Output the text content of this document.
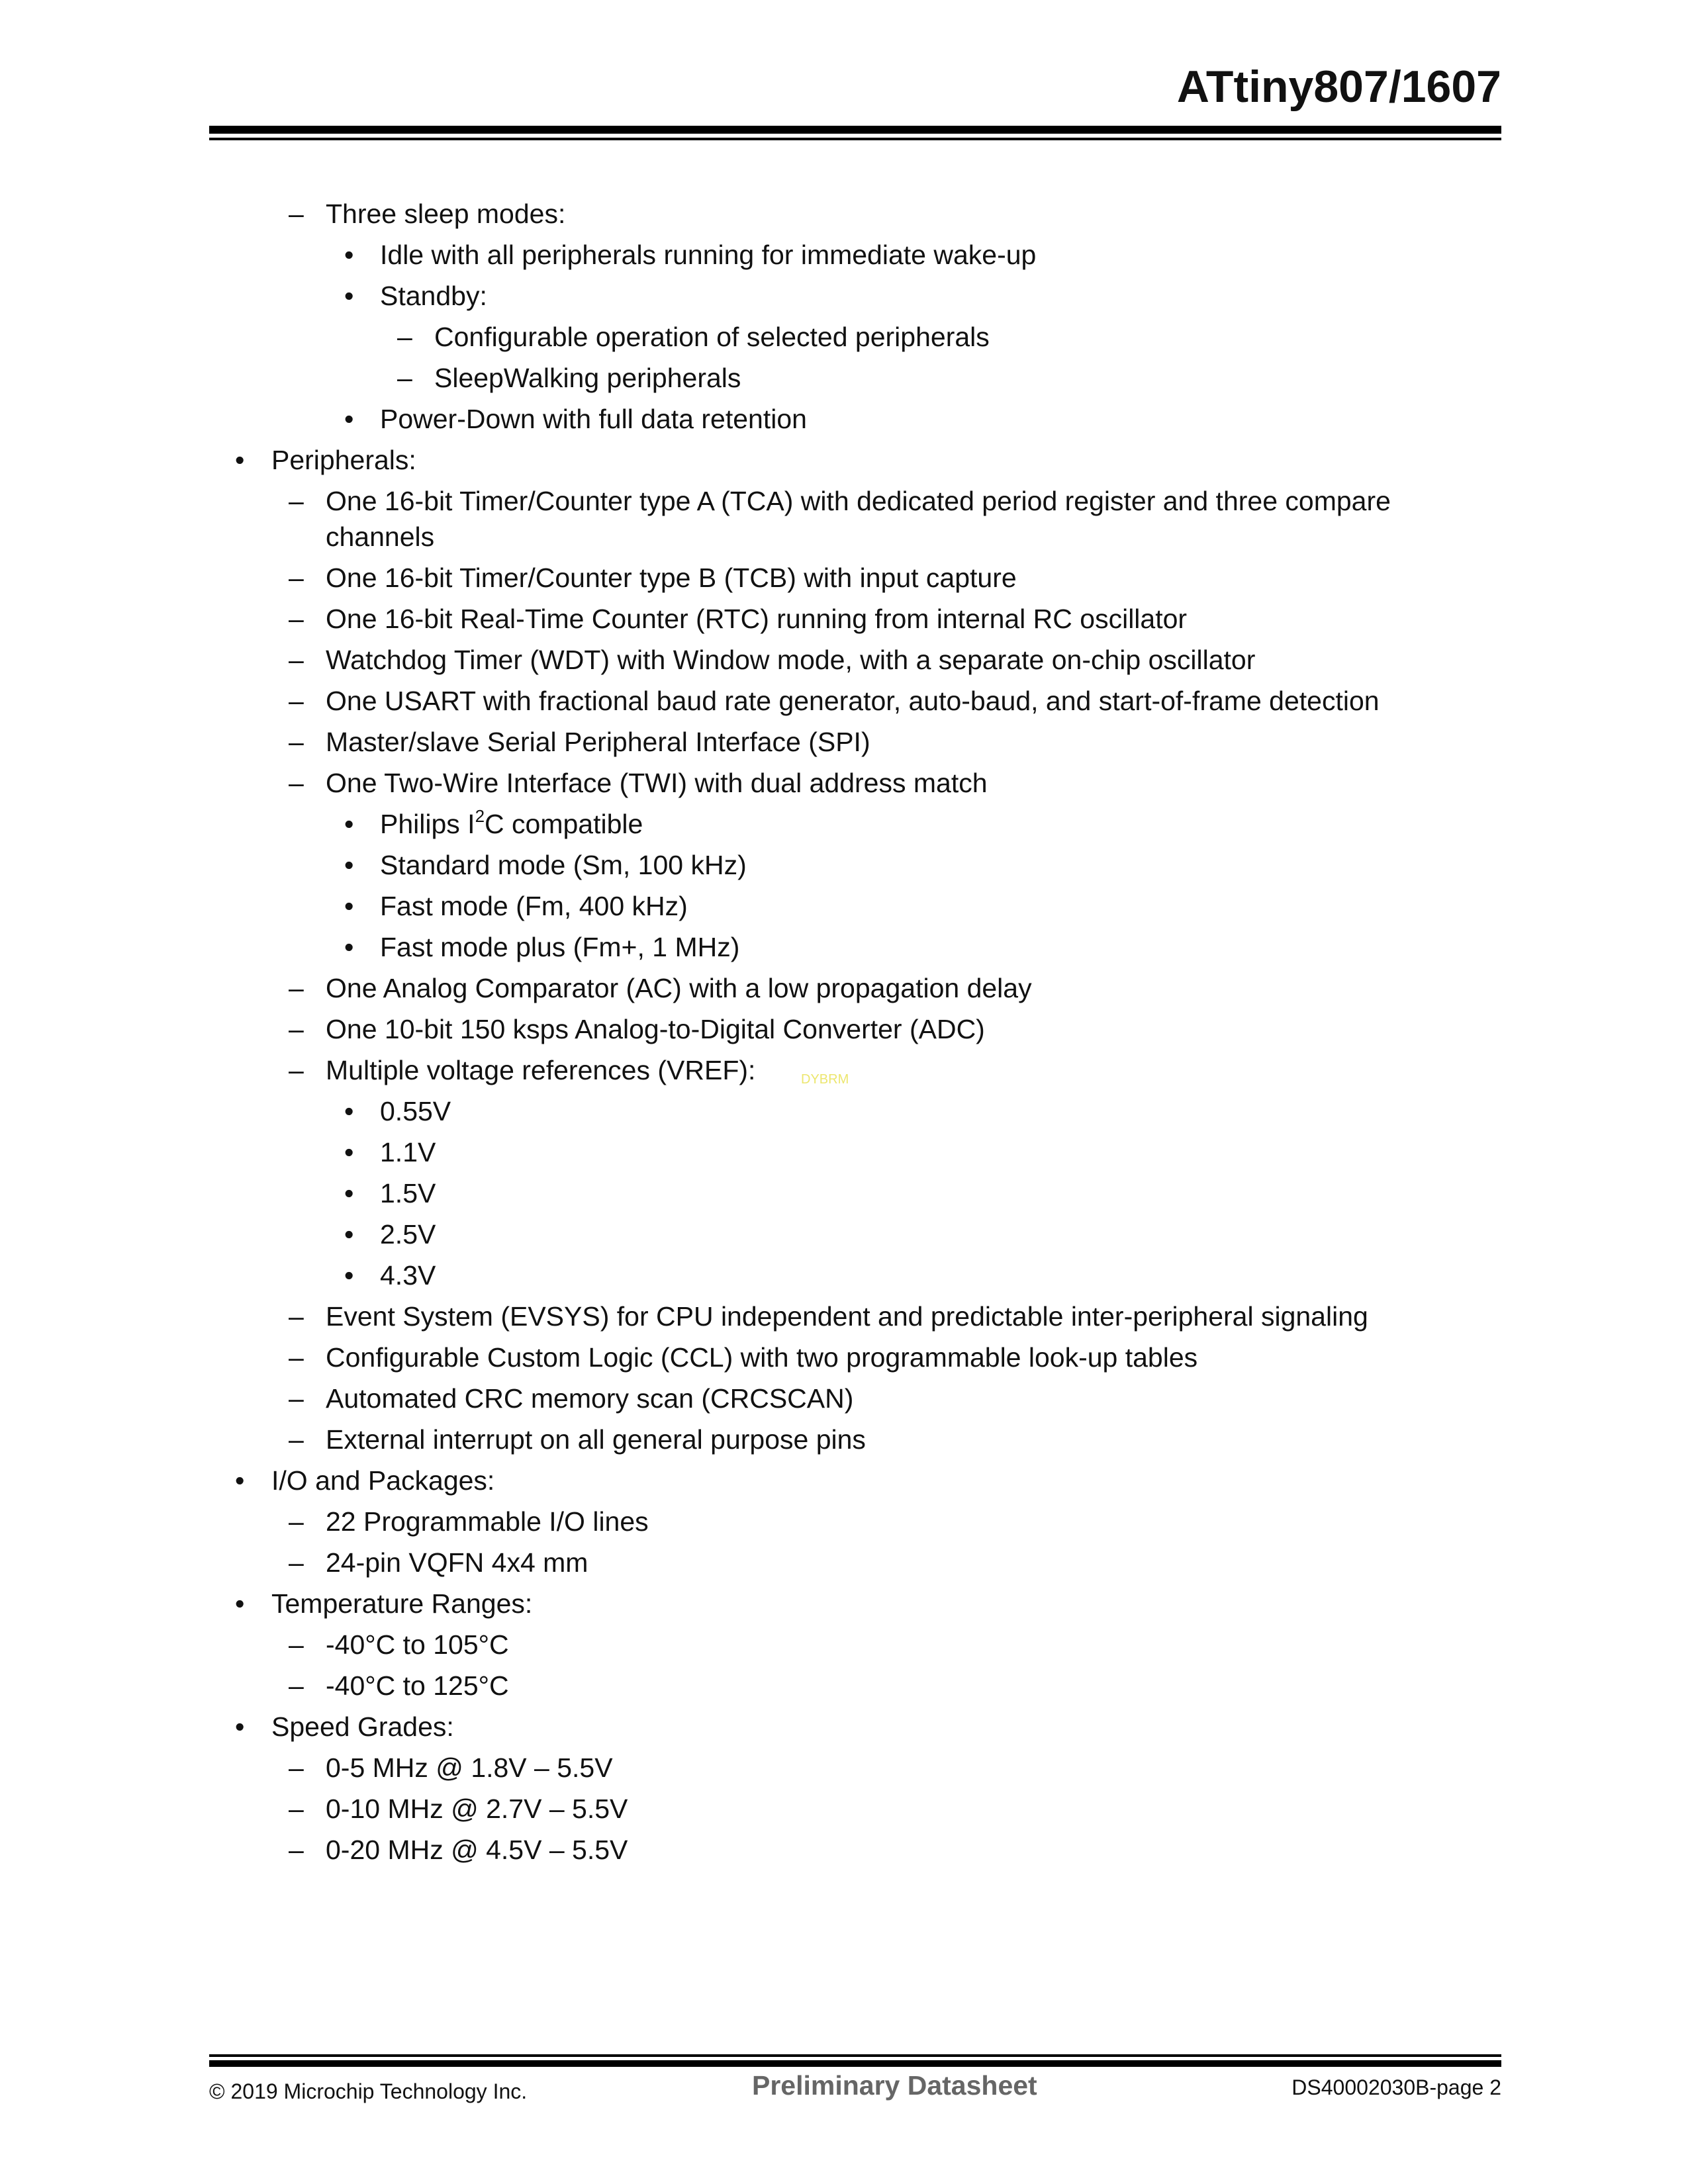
ATtiny807/1607
– Three sleep modes:
• Idle with all peripherals running for immediate wake-up
• Standby:
– Configurable operation of selected peripherals
– SleepWalking peripherals
• Power-Down with full data retention
• Peripherals:
– One 16-bit Timer/Counter type A (TCA) with dedicated period register and three compare channels
– One 16-bit Timer/Counter type B (TCB) with input capture
– One 16-bit Real-Time Counter (RTC) running from internal RC oscillator
– Watchdog Timer (WDT) with Window mode, with a separate on-chip oscillator
– One USART with fractional baud rate generator, auto-baud, and start-of-frame detection
– Master/slave Serial Peripheral Interface (SPI)
– One Two-Wire Interface (TWI) with dual address match
• Philips $I^2C$ compatible
• Standard mode (Sm, 100 kHz)
• Fast mode (Fm, 400 kHz)
• Fast mode plus (Fm+, 1 MHz)
– One Analog Comparator (AC) with a low propagation delay
– One 10-bit 150 ksps Analog-to-Digital Converter (ADC)
– Multiple voltage references (VREF):
• 0.55V
• 1.1V
• 1.5V
• 2.5V
• 4.3V
– Event System (EVSYS) for CPU independent and predictable inter-peripheral signaling
– Configurable Custom Logic (CCL) with two programmable look-up tables
– Automated CRC memory scan (CRCSCAN)
– External interrupt on all general purpose pins
• I/O and Packages:
– 22 Programmable I/O lines
– 24-pin VQFN 4x4 mm
• Temperature Ranges:
– -40°C to 105°C
– -40°C to 125°C
• Speed Grades:
– 0-5 MHz @ 1.8V – 5.5V
– 0-10 MHz @ 2.7V – 5.5V
– 0-20 MHz @ 4.5V – 5.5V
DYBRM
© 2019 Microchip Technology Inc.	Preliminary Datasheet	DS40002030B-page 2
